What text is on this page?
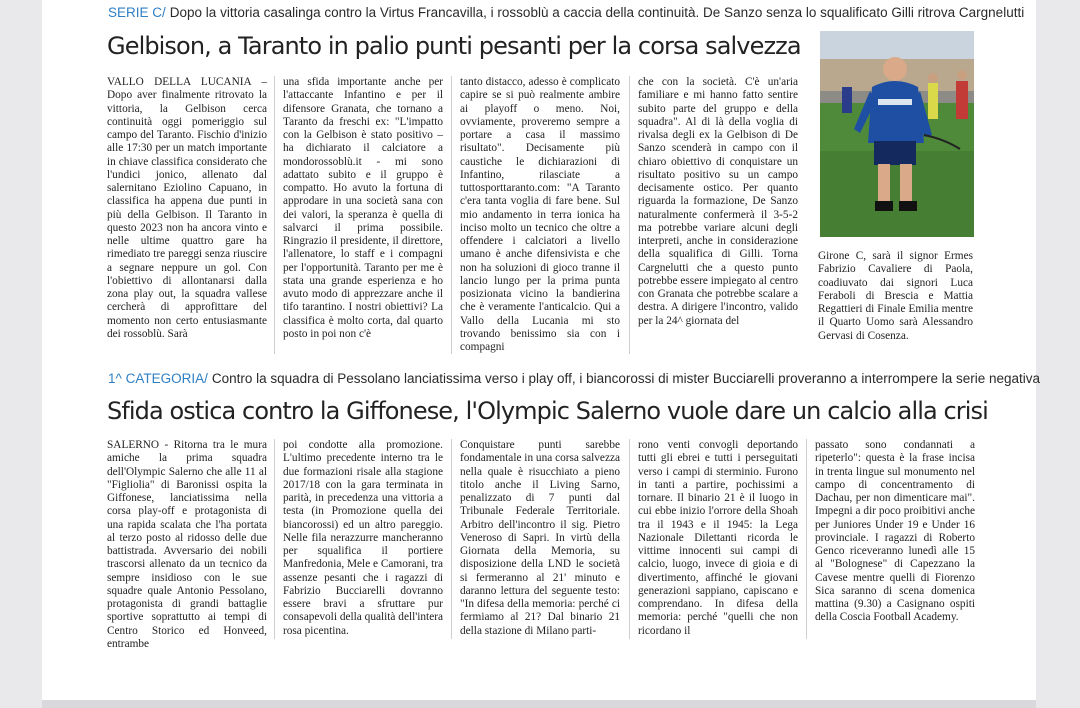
SERIE C/ Dopo la vittoria casalinga contro la Virtus Francavilla, i rossoblù a caccia della continuità. De Sanzo senza lo squalificato Gilli ritrova Cargnelutti
Gelbison, a Taranto in palio punti pesanti per la corsa salvezza
VALLO DELLA LUCANIA – Dopo aver finalmente ritrovato la vittoria, la Gelbison cerca continuità oggi pomeriggio sul campo del Taranto. Fischio d'inizio alle 17:30 per un match importante in chiave classifica considerato che l'undici jonico, allenato dal salernitano Eziolino Capuano, in classifica ha appena due punti in più della Gelbison. Il Taranto in questo 2023 non ha ancora vinto e nelle ultime quattro gare ha rimediato tre pareggi senza riuscire a segnare neppure un gol. Con l'obiettivo di allontanarsi dalla zona play out, la squadra vallese cercherà di approfittare del momento non certo entusiasmante dei rossoblù. Sarà
una sfida importante anche per l'attaccante Infantino e per il difensore Granata, che tornano a Taranto da freschi ex: "L'impatto con la Gelbison è stato positivo – ha dichiarato il calciatore a mondorossoblù.it - mi sono adattato subito e il gruppo è compatto. Ho avuto la fortuna di approdare in una società sana con dei valori, la speranza è quella di salvarci il prima possibile. Ringrazio il presidente, il direttore, l'allenatore, lo staff e i compagni per l'opportunità. Taranto per me è stata una grande esperienza e ho avuto modo di apprezzare anche il tifo tarantino. I nostri obiettivi? La classifica è molto corta, dal quarto posto in poi non c'è
tanto distacco, adesso è complicato capire se si può realmente ambire ai playoff o meno. Noi, ovviamente, proveremo sempre a portare a casa il massimo risultato". Decisamente più caustiche le dichiarazioni di Infantino, rilasciate a tuttosporttaranto.com: "A Taranto c'era tanta voglia di fare bene. Sul mio andamento in terra ionica ha inciso molto un tecnico che oltre a offendere i calciatori a livello umano è anche difensivista e che non ha soluzioni di gioco tranne il lancio lungo per la prima punta posizionata vicino la bandierina che è veramente l'anticalcio. Qui a Vallo della Lucania mi sto trovando benissimo sia con i compagni
che con la società. C'è un'aria familiare e mi hanno fatto sentire subito parte del gruppo e della squadra". Al di là della voglia di rivalsa degli ex la Gelbison di De Sanzo scenderà in campo con il chiaro obiettivo di conquistare un risultato positivo su un campo decisamente ostico. Per quanto riguarda la formazione, De Sanzo naturalmente confermerà il 3-5-2 ma potrebbe variare alcuni degli interpreti, anche in considerazione della squalifica di Gilli. Torna Cargnelutti che a questo punto potrebbe essere impiegato al centro con Granata che potrebbe scalare a destra. A dirigere l'incontro, valido per la 24^ giornata del
Girone C, sarà il signor Ermes Fabrizio Cavaliere di Paola, coadiuvato dai signori Luca Feraboli di Brescia e Mattia Regattieri di Finale Emilia mentre il Quarto Uomo sarà Alessandro Gervasi di Cosenza.
1^ CATEGORIA/ Contro la squadra di Pessolano lanciatissima verso i play off, i biancorossi di mister Bucciarelli proveranno a interrompere la serie negativa
Sfida ostica contro la Giffonese, l'Olympic Salerno vuole dare un calcio alla crisi
SALERNO - Ritorna tra le mura amiche la prima squadra dell'Olympic Salerno che alle 11 al "Figliolia" di Baronissi ospita la Giffonese, lanciatissima nella corsa play-off e protagonista di una rapida scalata che l'ha portata al terzo posto al ridosso delle due battistrada. Avversario dei nobili trascorsi allenato da un tecnico da sempre insidioso con le sue squadre quale Antonio Pessolano, protagonista di grandi battaglie sportive soprattutto ai tempi di Centro Storico ed Honveed, entrambe
poi condotte alla promozione. L'ultimo precedente interno tra le due formazioni risale alla stagione 2017/18 con la gara terminata in parità, in precedenza una vittoria a testa (in Promozione quella dei biancorossi) ed un altro pareggio. Nelle fila nerazzurre mancheranno per squalifica il portiere Manfredonia, Mele e Camorani, tra assenze pesanti che i ragazzi di Fabrizio Bucciarelli dovranno essere bravi a sfruttare pur consapevoli della qualità dell'intera rosa picentina.
Conquistare punti sarebbe fondamentale in una corsa salvezza nella quale è risucchiato a pieno titolo anche il Living Sarno, penalizzato di 7 punti dal Tribunale Federale Territoriale. Arbitro dell'incontro il sig. Pietro Veneroso di Sapri. In virtù della Giornata della Memoria, su disposizione della LND le società si fermeranno al 21' minuto e daranno lettura del seguente testo: "In difesa della memoria: perché ci fermiamo al 21? Dal binario 21 della stazione di Milano parti-
rono venti convogli deportando tutti gli ebrei e tutti i perseguitati verso i campi di sterminio. Furono in tanti a partire, pochissimi a tornare. Il binario 21 è il luogo in cui ebbe inizio l'orrore della Shoah tra il 1943 e il 1945: la Lega Nazionale Dilettanti ricorda le vittime innocenti sui campi di calcio, luogo, invece di gioia e di divertimento, affinché le giovani generazioni sappiano, capiscano e comprendano. In difesa della memoria: perché "quelli che non ricordano il
passato sono condannati a ripeterlo": questa è la frase incisa in trenta lingue sul monumento nel campo di concentramento di Dachau, per non dimenticare mai". Impegni a dir poco proibitivi anche per Juniores Under 19 e Under 16 provinciale. I ragazzi di Roberto Genco riceveranno lunedì alle 15 al "Bolognese" di Capezzano la Cavese mentre quelli di Fiorenzo Sica saranno di scena domenica mattina (9.30) a Casignano ospiti della Coscia Football Academy.
